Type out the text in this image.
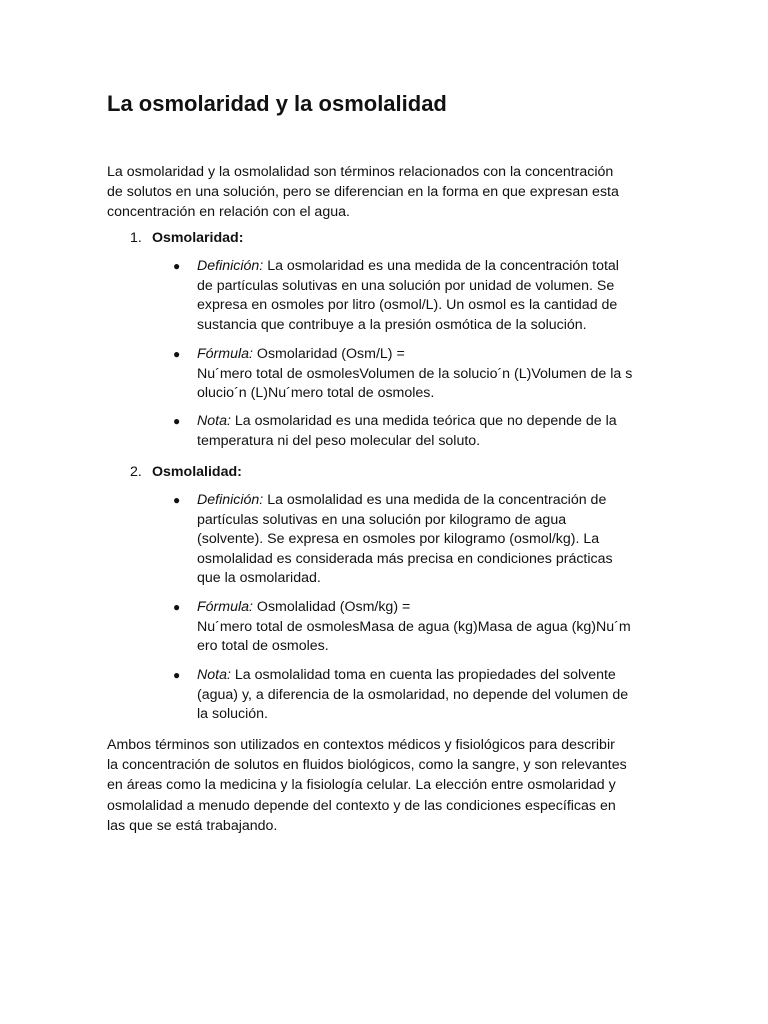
La osmolaridad y la osmolalidad
La osmolaridad y la osmolalidad son términos relacionados con la concentración
de solutos en una solución, pero se diferencian en la forma en que expresan esta
concentración en relación con el agua.
1. Osmolaridad:
● Definición: La osmolaridad es una medida de la concentración total
de partículas solutivas en una solución por unidad de volumen. Se
expresa en osmoles por litro (osmol/L). Un osmol es la cantidad de
sustancia que contribuye a la presión osmótica de la solución.
● Fórmula: Osmolaridad (Osm/L) =
Nu´mero total de osmolesVolumen de la solucio´n (L)Volumen de la s
olucio´n (L)Nu´mero total de osmoles.
● Nota: La osmolaridad es una medida teórica que no depende de la
temperatura ni del peso molecular del soluto.
2. Osmolalidad:
● Definición: La osmolalidad es una medida de la concentración de
partículas solutivas en una solución por kilogramo de agua
(solvente). Se expresa en osmoles por kilogramo (osmol/kg). La
osmolalidad es considerada más precisa en condiciones prácticas
que la osmolaridad.
● Fórmula: Osmolalidad (Osm/kg) =
Nu´mero total de osmolesMasa de agua (kg)Masa de agua (kg)Nu´m
ero total de osmoles.
● Nota: La osmolalidad toma en cuenta las propiedades del solvente
(agua) y, a diferencia de la osmolaridad, no depende del volumen de
la solución.
Ambos términos son utilizados en contextos médicos y fisiológicos para describir
la concentración de solutos en fluidos biológicos, como la sangre, y son relevantes
en áreas como la medicina y la fisiología celular. La elección entre osmolaridad y
osmolalidad a menudo depende del contexto y de las condiciones específicas en
las que se está trabajando.
